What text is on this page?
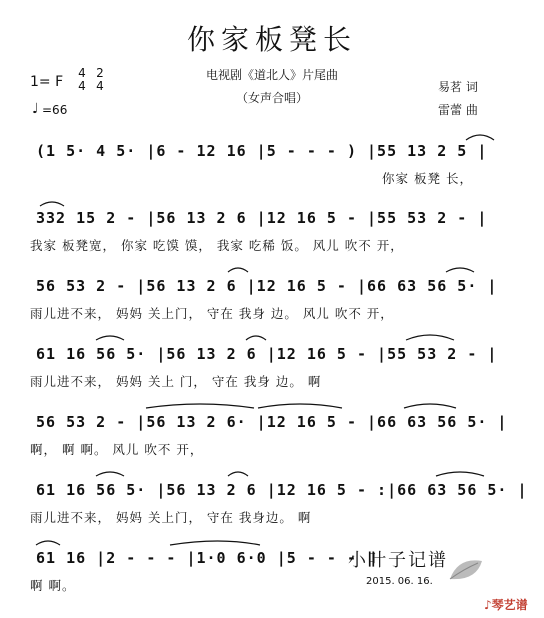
你家板凳长
电视剧《道北人》片尾曲
（女声合唱）
1= F
4
4
2
4
♩ =66
易茗 词
雷蕾 曲
(1 5· 4 5· |6 - 12 16 |5 - - - ) |55 13 2 5 |
你家 板凳 长，
332 15 2 - |56 13 2 6 |12 16 5 - |55 53 2 - |
我家 板凳宽， 你家 吃馍 馍， 我家 吃稀 饭。 风儿 吹不 开，
56 53 2 - |56 13 2 6 |12 16 5 - |66 63 56 5· |
雨儿进不来， 妈妈 关上门， 守在 我身 边。 风儿 吹不 开，
61 16 56 5· |56 13 2 6 |12 16 5 - |55 53 2 - |
雨儿进不来， 妈妈 关上 门， 守在 我身 边。 啊
56 53 2 - |56 13 2 6· |12 16 5 - |66 63 56 5· |
啊， 啊 啊。 风儿 吹不 开，
61 16 56 5· |56 13 2 6 |12 16 5 - :|66 63 56 5· |
雨儿进不来， 妈妈 关上门， 守在 我身边。 啊
61 16 |2 - - - |1·0 6·0 |5 - - - ‖
啊 啊。
小叶子记谱
2015. 06. 16.
♪琴艺谱
